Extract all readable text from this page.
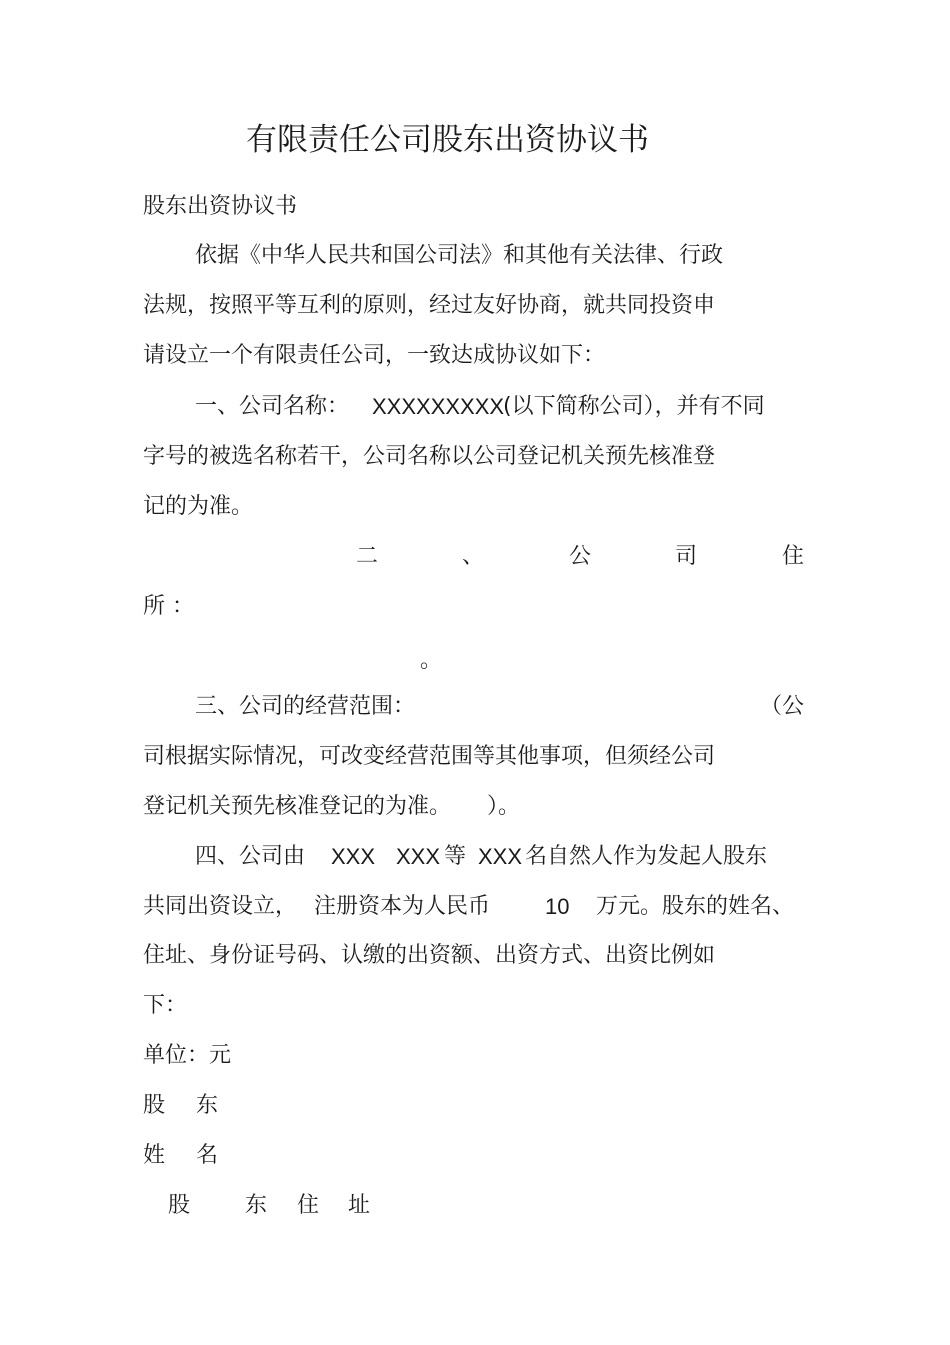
有限责任公司股东出资协议书
股东出资协议书
依据《中华人民共和国公司法》和其他有关法律、行政
法规，按照平等互利的原则，经过友好协商，就共同投资申
请设立一个有限责任公司，一致达成协议如下：
一、公司名称： XXXXXXXXX
(以下简称公司），并有不同
字号的被选名称若干，公司名称以公司登记机关预先核准登
记的为准。
二	、	公	司	住
所 ：
。
三、公司的经营范围：	（公
司根据实际情况，可改变经营范围等其他事项，但须经公司
登记机关预先核准登记的为准。 ）。
四、公司由 XXX XXX 等 XXX 名自然人作为发起人股东
共同出资设立， 注册资本为人民币 10 万元。股东的姓名、
住址、身份证号码、认缴的出资额、出资方式、出资比例如
下：
单位：元
股 东
姓 名
股 东 住 址
